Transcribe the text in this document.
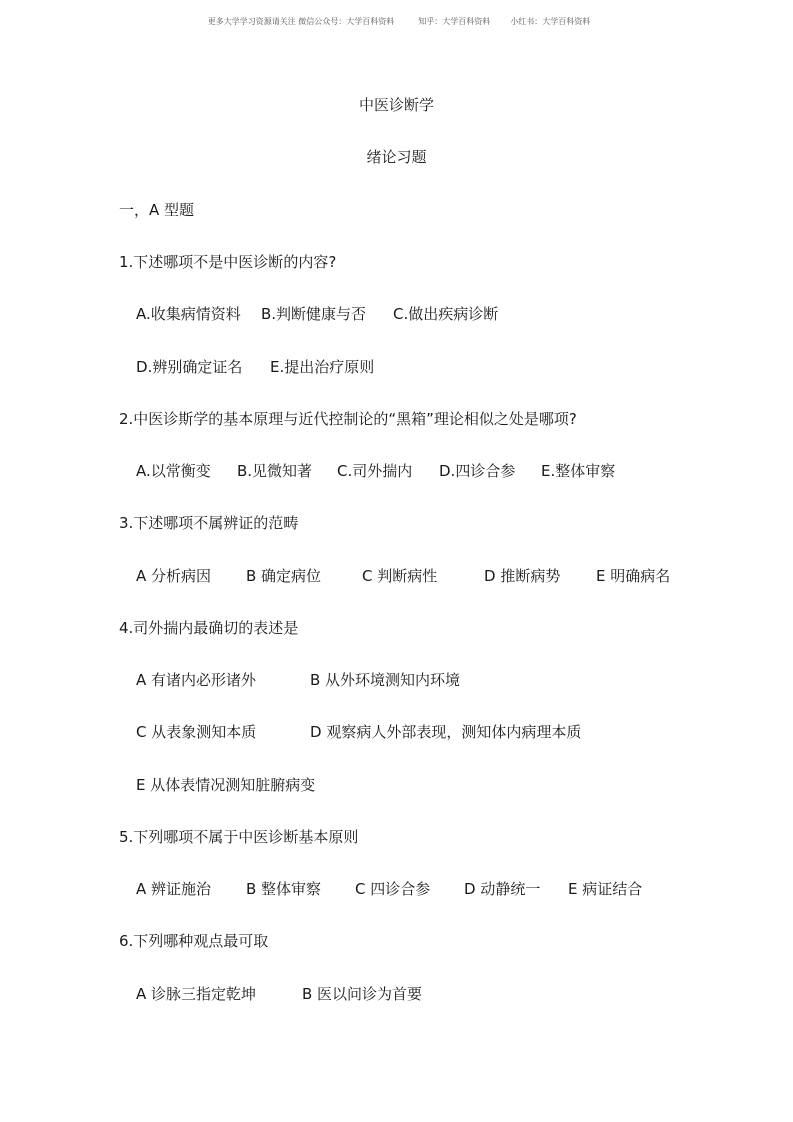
更多大学学习资源请关注 微信公众号：大学百科资料	知乎：大学百科资料	小红书：大学百科资料

中医诊断学
绪论习题
一，A 型题
1.下述哪项不是中医诊断的内容?
A.收集病情资料 B.判断健康与否 C.做出疾病诊断
D.辨别确定证名 E.提出治疗原则
2.中医诊斯学的基本原理与近代控制论的“黑箱”理论相似之处是哪项?
A.以常衡变 B.见微知著 C.司外揣内 D.四诊合参 E.整体审察
3.下述哪项不属辨证的范畴
A 分析病因 B 确定病位	C 判断病性	D 推断病势 E 明确病名
4.司外揣内最确切的表述是
A 有诸内必形诸外	B 从外环境测知内环境
C 从表象测知本质	D 观察病人外部表现，测知体内病理本质
E 从体表情况测知脏腑病变
5.下列哪项不属于中医诊断基本原则
A 辨证施治 B 整体审察 C 四诊合参 D 动静统一 E 病证结合
6.下列哪种观点最可取
A 诊脉三指定乾坤	B 医以问诊为首要
